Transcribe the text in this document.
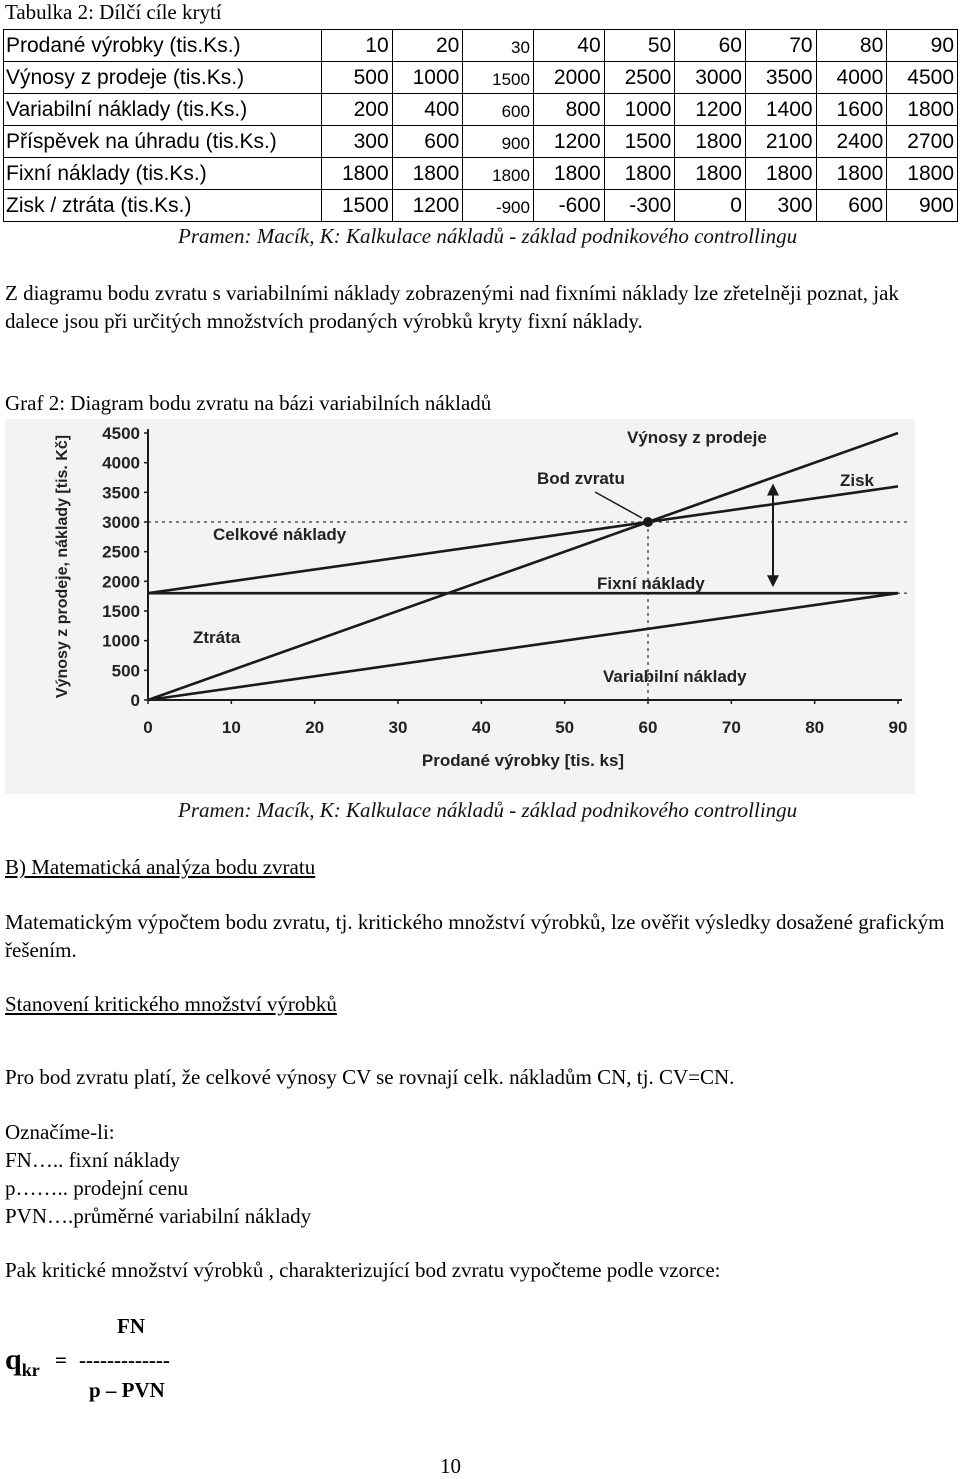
Tabulka 2: Dílčí cíle krytí
Prodané výrobky (tis.Ks.)	10	20	30	40	50	60	70	80	90
Výnosy z prodeje (tis.Ks.)	500	1000	1500	2000	2500	3000	3500	4000	4500
Variabilní náklady (tis.Ks.)	200	400	600	800	1000	1200	1400	1600	1800
Příspěvek na úhradu (tis.Ks.)	300	600	900	1200	1500	1800	2100	2400	2700
Fixní náklady (tis.Ks.)	1800	1800	1800	1800	1800	1800	1800	1800	1800
Zisk / ztráta (tis.Ks.)	1500	1200	-900	-600	-300	0	300	600	900
Pramen: Macík, K: Kalkulace nákladů - základ podnikového controllingu
Z diagramu bodu zvratu s variabilními náklady zobrazenými nad fixními náklady lze zřetelněji poznat, jak dalece jsou při určitých množstvích prodaných výrobků kryty fixní náklady.
Graf 2: Diagram bodu zvratu na bázi variabilních nákladů
0
500
1000
1500
2000
2500
3000
3500
4000
4500
0	10	20	30	40	50	60	70	80	90
Výnosy z prodeje
Bod zvratu	Zisk
Celkové náklady
Fixní náklady
Ztráta
Variabilní náklady
Prodané výrobky [tis. ks]
Výnosy z prodeje, náklady [tis. Kč]
Pramen: Macík, K: Kalkulace nákladů - základ podnikového controllingu
B) Matematická analýza bodu zvratu
Matematickým výpočtem bodu zvratu, tj. kritického množství výrobků, lze ověřit výsledky dosažené grafickým řešením.
Stanovení kritického množství výrobků
Pro bod zvratu platí, že celkové výnosy CV se rovnají celk. nákladům CN, tj. CV=CN.
Označíme-li:
FN….. fixní náklady
p…….. prodejní cenu
PVN….průměrné variabilní náklady
Pak kritické množství výrobků , charakterizující bod zvratu vypočteme podle vzorce:
FN
$q_{kr}$ = -------------
p – PVN
10
